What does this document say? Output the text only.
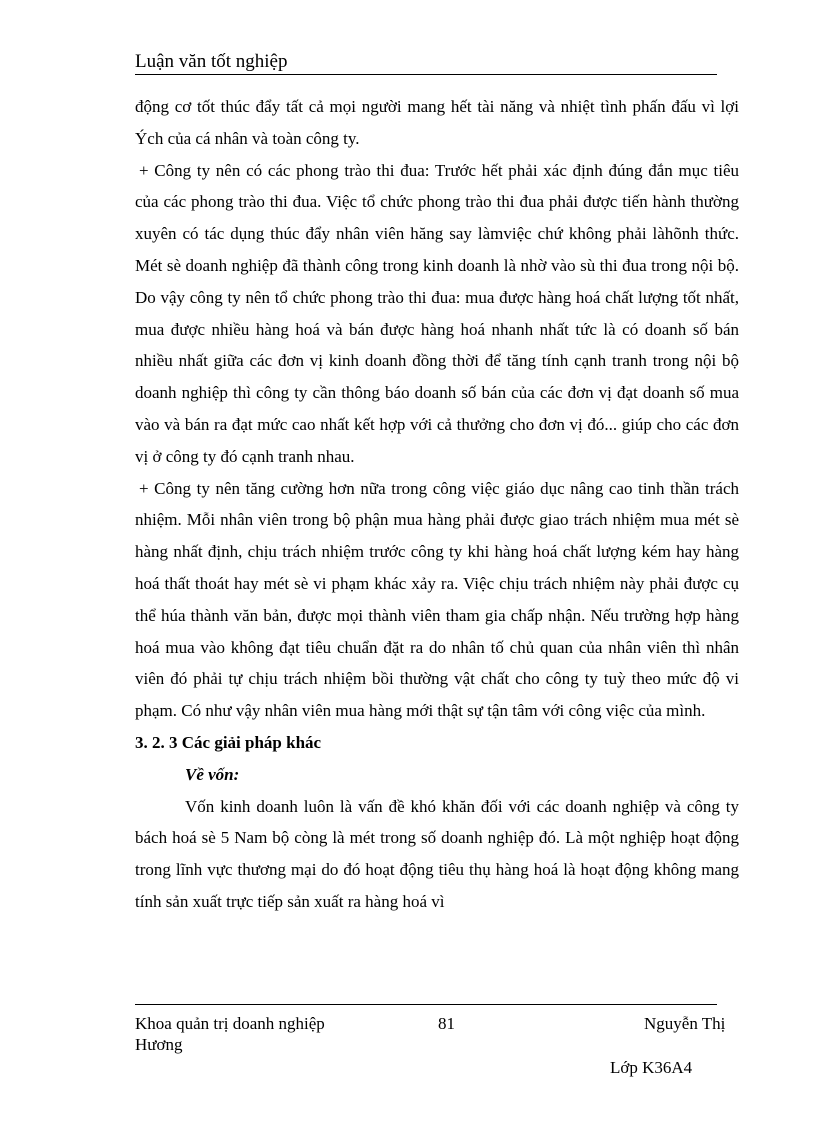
Luận văn tốt nghiệp

động cơ tốt thúc đẩy tất cả mọi người mang hết tài năng và nhiệt tình phấn đấu vì lợi Ých của cá nhân và toàn công ty.

+ Công ty nên có các phong trào thi đua: Trước hết phải xác định đúng đắn mục tiêu của các phong trào thi đua. Việc tổ chức phong trào thi đua phải được tiến hành thường xuyên có tác dụng thúc đẩy nhân viên hăng say làmviệc chứ không phải làhõnh thức. Mét sè doanh nghiệp đã thành công trong kinh doanh là nhờ vào sù thi đua trong nội bộ. Do vậy công ty nên tổ chức phong trào thi đua: mua được hàng hoá chất lượng tốt nhất, mua được nhiều hàng hoá và bán được hàng hoá nhanh nhất tức là có doanh số bán nhiều nhất giữa các đơn vị kinh doanh đồng thời để tăng tính cạnh tranh trong nội bộ doanh nghiệp thì công ty cần thông báo doanh số bán của các đơn vị đạt doanh số mua vào và bán ra đạt mức cao nhất kết hợp với cả thưởng cho đơn vị đó... giúp cho các đơn vị ở công ty đó cạnh tranh nhau.

+ Công ty nên tăng cường hơn nữa trong công việc giáo dục nâng cao tinh thần trách nhiệm. Mỗi nhân viên trong bộ phận mua hàng phải được giao trách nhiệm mua mét sè hàng nhất định, chịu trách nhiệm trước công ty khi hàng hoá chất lượng kém hay hàng hoá thất thoát hay mét sè vi phạm khác xảy ra. Việc chịu trách nhiệm này phải được cụ thể húa thành văn bản, được mọi thành viên tham gia chấp nhận. Nếu trường hợp hàng hoá mua vào không đạt tiêu chuẩn đặt ra do nhân tố chủ quan của nhân viên thì nhân viên đó phải tự chịu trách nhiệm bồi thường vật chất cho công ty tuỳ theo mức độ vi phạm. Có như vậy nhân viên mua hàng mới thật sự tận tâm với công việc của mình.

3. 2. 3 Các giải pháp khác

Về vốn:

Vốn kinh doanh luôn là vấn đề khó khăn đối với các doanh nghiệp và công ty bách hoá sè 5 Nam bộ còng là mét trong số doanh nghiệp đó. Là một nghiệp hoạt động trong lĩnh vực thương mại do đó hoạt động tiêu thụ hàng hoá là hoạt động không mang tính sản xuất trực tiếp sản xuất ra hàng hoá vì

Khoa quản trị doanh nghiệp	81	Nguyễn Thị
Hương
Lớp K36A4
